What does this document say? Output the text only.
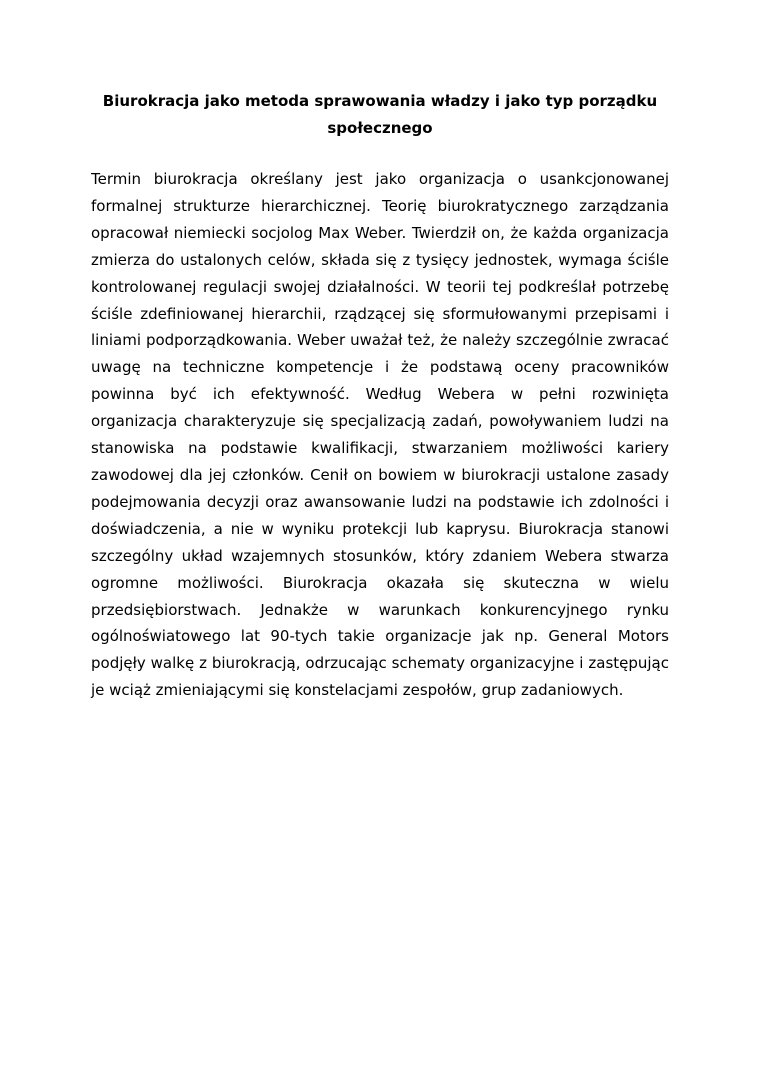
Biurokracja jako metoda sprawowania władzy i jako typ porządku społecznego

Termin biurokracja określany jest jako organizacja o usankcjonowanej formalnej strukturze hierarchicznej. Teorię biurokratycznego zarządzania opracował niemiecki socjolog Max Weber. Twierdził on, że każda organizacja zmierza do ustalonych celów, składa się z tysięcy jednostek, wymaga ściśle kontrolowanej regulacji swojej działalności. W teorii tej podkreślał potrzebę ściśle zdefiniowanej hierarchii, rządzącej się sformułowanymi przepisami i liniami podporządkowania. Weber uważał też, że należy szczególnie zwracać uwagę na techniczne kompetencje i że podstawą oceny pracowników powinna być ich efektywność. Według Webera w pełni rozwinięta organizacja charakteryzuje się specjalizacją zadań, powoływaniem ludzi na stanowiska na podstawie kwalifikacji, stwarzaniem możliwości kariery zawodowej dla jej członków. Cenił on bowiem w biurokracji ustalone zasady podejmowania decyzji oraz awansowanie ludzi na podstawie ich zdolności i doświadczenia, a nie w wyniku protekcji lub kaprysu. Biurokracja stanowi szczególny układ wzajemnych stosunków, który zdaniem Webera stwarza ogromne możliwości. Biurokracja okazała się skuteczna w wielu przedsiębiorstwach. Jednakże w warunkach konkurencyjnego rynku ogólnoświatowego lat 90-tych takie organizacje jak np. General Motors podjęły walkę z biurokracją, odrzucając schematy organizacyjne i zastępując je wciąż zmieniającymi się konstelacjami zespołów, grup zadaniowych.
